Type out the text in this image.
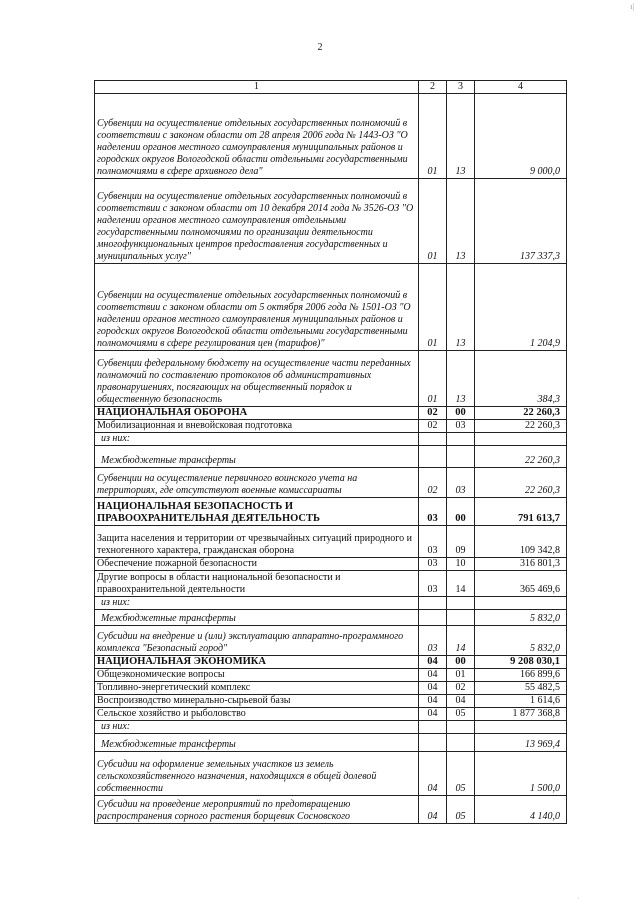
ı|
2
1	2	3	4
Субвенции на осуществление отдельных государственных полномочий в соответствии с законом области от 28 апреля 2006 года № 1443-ОЗ "О наделении органов местного самоуправления муниципальных районов и городских округов Вологодской области отдельными государственными полномочиями в сфере архивного дела"	01	13	9 000,0
Субвенции на осуществление отдельных государственных полномочий в соответствии с законом области от 10 декабря 2014 года № 3526-ОЗ "О наделении органов местного самоуправления отдельными государственными полномочиями по организации деятельности многофункциональных центров предоставления государственных и муниципальных услуг"	01	13	137 337,3
Субвенции на осуществление отдельных государственных полномочий в соответствии с законом области от 5 октября 2006 года № 1501-ОЗ "О наделении органов местного самоуправления муниципальных районов и городских округов Вологодской области отдельными государственными полномочиями в сфере регулирования цен (тарифов)"	01	13	1 204,9
Субвенции федеральному бюджету на осуществление части переданных полномочий по составлению протоколов об административных правонарушениях, посягающих на общественный порядок и общественную безопасность	01	13	384,3
НАЦИОНАЛЬНАЯ ОБОРОНА	02	00	22 260,3
Мобилизационная и вневойсковая подготовка	02	03	22 260,3
из них:			
Межбюджетные трансферты			22 260,3
Субвенции на осуществление первичного воинского учета на территориях, где отсутствуют военные комиссариаты	02	03	22 260,3
НАЦИОНАЛЬНАЯ БЕЗОПАСНОСТЬ И ПРАВООХРАНИТЕЛЬНАЯ ДЕЯТЕЛЬНОСТЬ	03	00	791 613,7
Защита населения и территории от чрезвычайных ситуаций природного и техногенного характера, гражданская оборона	03	09	109 342,8
Обеспечение пожарной безопасности	03	10	316 801,3
Другие вопросы в области национальной безопасности и правоохранительной деятельности	03	14	365 469,6
из них:			
Межбюджетные трансферты			5 832,0
Субсидии на внедрение и (или) эксплуатацию аппаратно-программного комплекса "Безопасный город"	03	14	5 832,0
НАЦИОНАЛЬНАЯ ЭКОНОМИКА	04	00	9 208 030,1
Общеэкономические вопросы	04	01	166 899,6
Топливно-энергетический комплекс	04	02	55 482,5
Воспроизводство минерально-сырьевой базы	04	04	1 614,6
Сельское хозяйство и рыболовство	04	05	1 877 368,8
из них:			
Межбюджетные трансферты			13 969,4
Субсидии на оформление земельных участков из земель сельскохозяйственного назначения, находящихся в общей долевой собственности	04	05	1 500,0
Субсидии на проведение мероприятий по предотвращению распространения сорного растения борщевик Сосновского	04	05	4 140,0
·
